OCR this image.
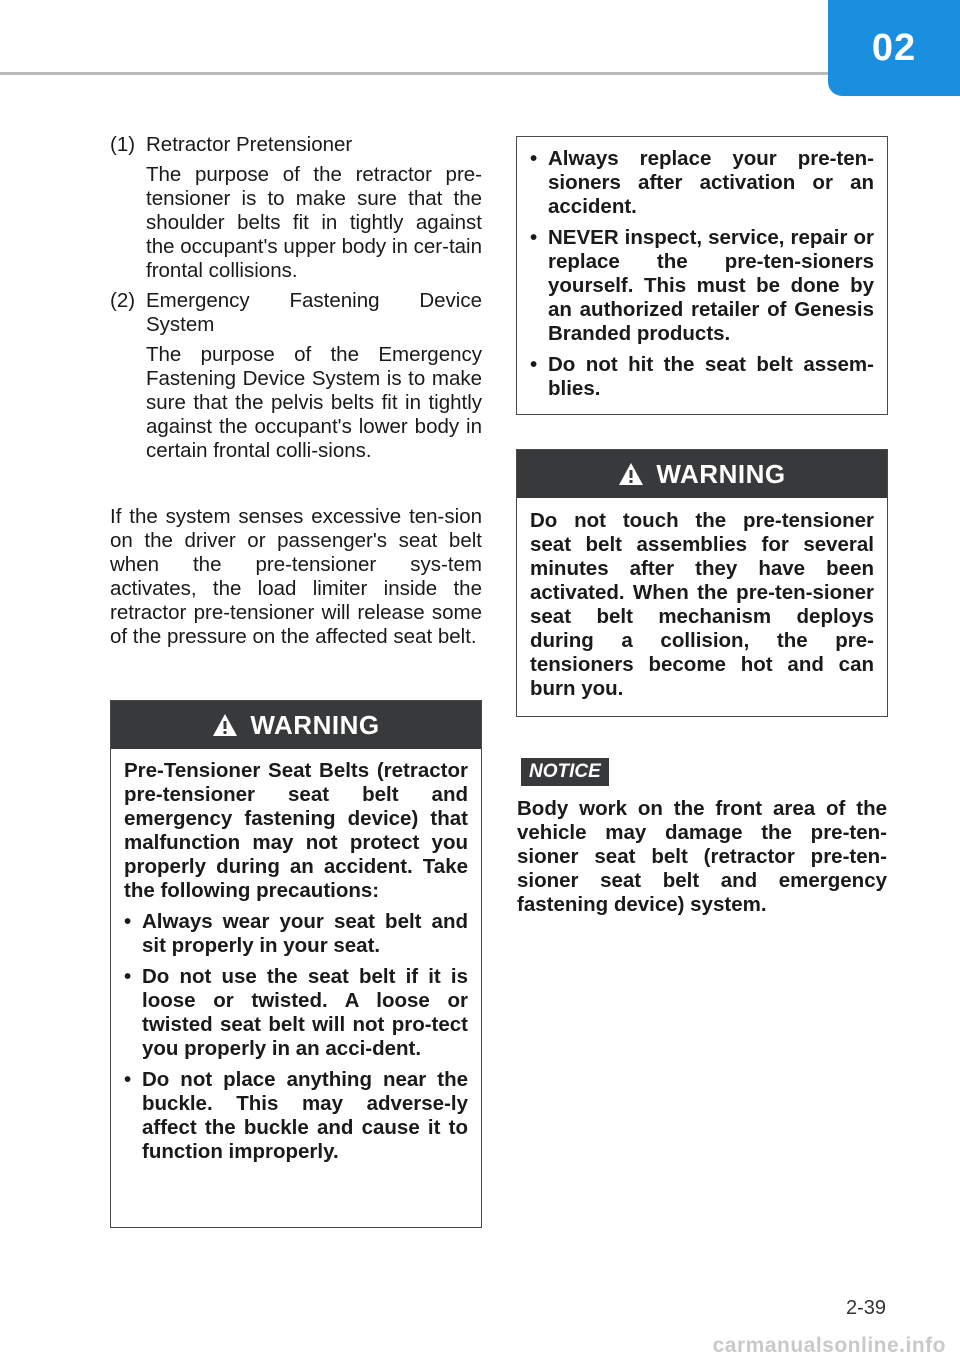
02
(1) Retractor Pretensioner
The purpose of the retractor pre-tensioner is to make sure that the shoulder belts fit in tightly against the occupant's upper body in cer-tain frontal collisions.
(2) Emergency Fastening Device
System
The purpose of the Emergency Fastening Device System is to make sure that the pelvis belts fit in tightly against the occupant's lower body in certain frontal colli-sions.
If the system senses excessive ten-sion on the driver or passenger's seat belt when the pre-tensioner sys-tem activates, the load limiter inside the retractor pre-tensioner will release some of the pressure on the affected seat belt.
WARNING

Pre-Tensioner Seat Belts (retractor pre-tensioner seat belt and emergency fastening device) that malfunction may not protect you properly during an accident. Take the following precautions:

• Always wear your seat belt and sit properly in your seat.
• Do not use the seat belt if it is loose or twisted. A loose or twisted seat belt will not pro-tect you properly in an acci-dent.
• Do not place anything near the buckle. This may adverse-ly affect the buckle and cause it to function improperly.
• Always replace your pre-ten-sioners after activation or an accident.
• NEVER inspect, service, repair or replace the pre-ten-sioners yourself. This must be done by an authorized retailer of Genesis Branded products.
• Do not hit the seat belt assem-blies.
WARNING

Do not touch the pre-tensioner seat belt assemblies for several minutes after they have been activated. When the pre-ten-sioner seat belt mechanism deploys during a collision, the pre-tensioners become hot and can burn you.

NOTICE
Body work on the front area of the vehicle may damage the pre-ten-sioner seat belt (retractor pre-ten-sioner seat belt and emergency fastening device) system.
2-39
carmanualsonline.info
